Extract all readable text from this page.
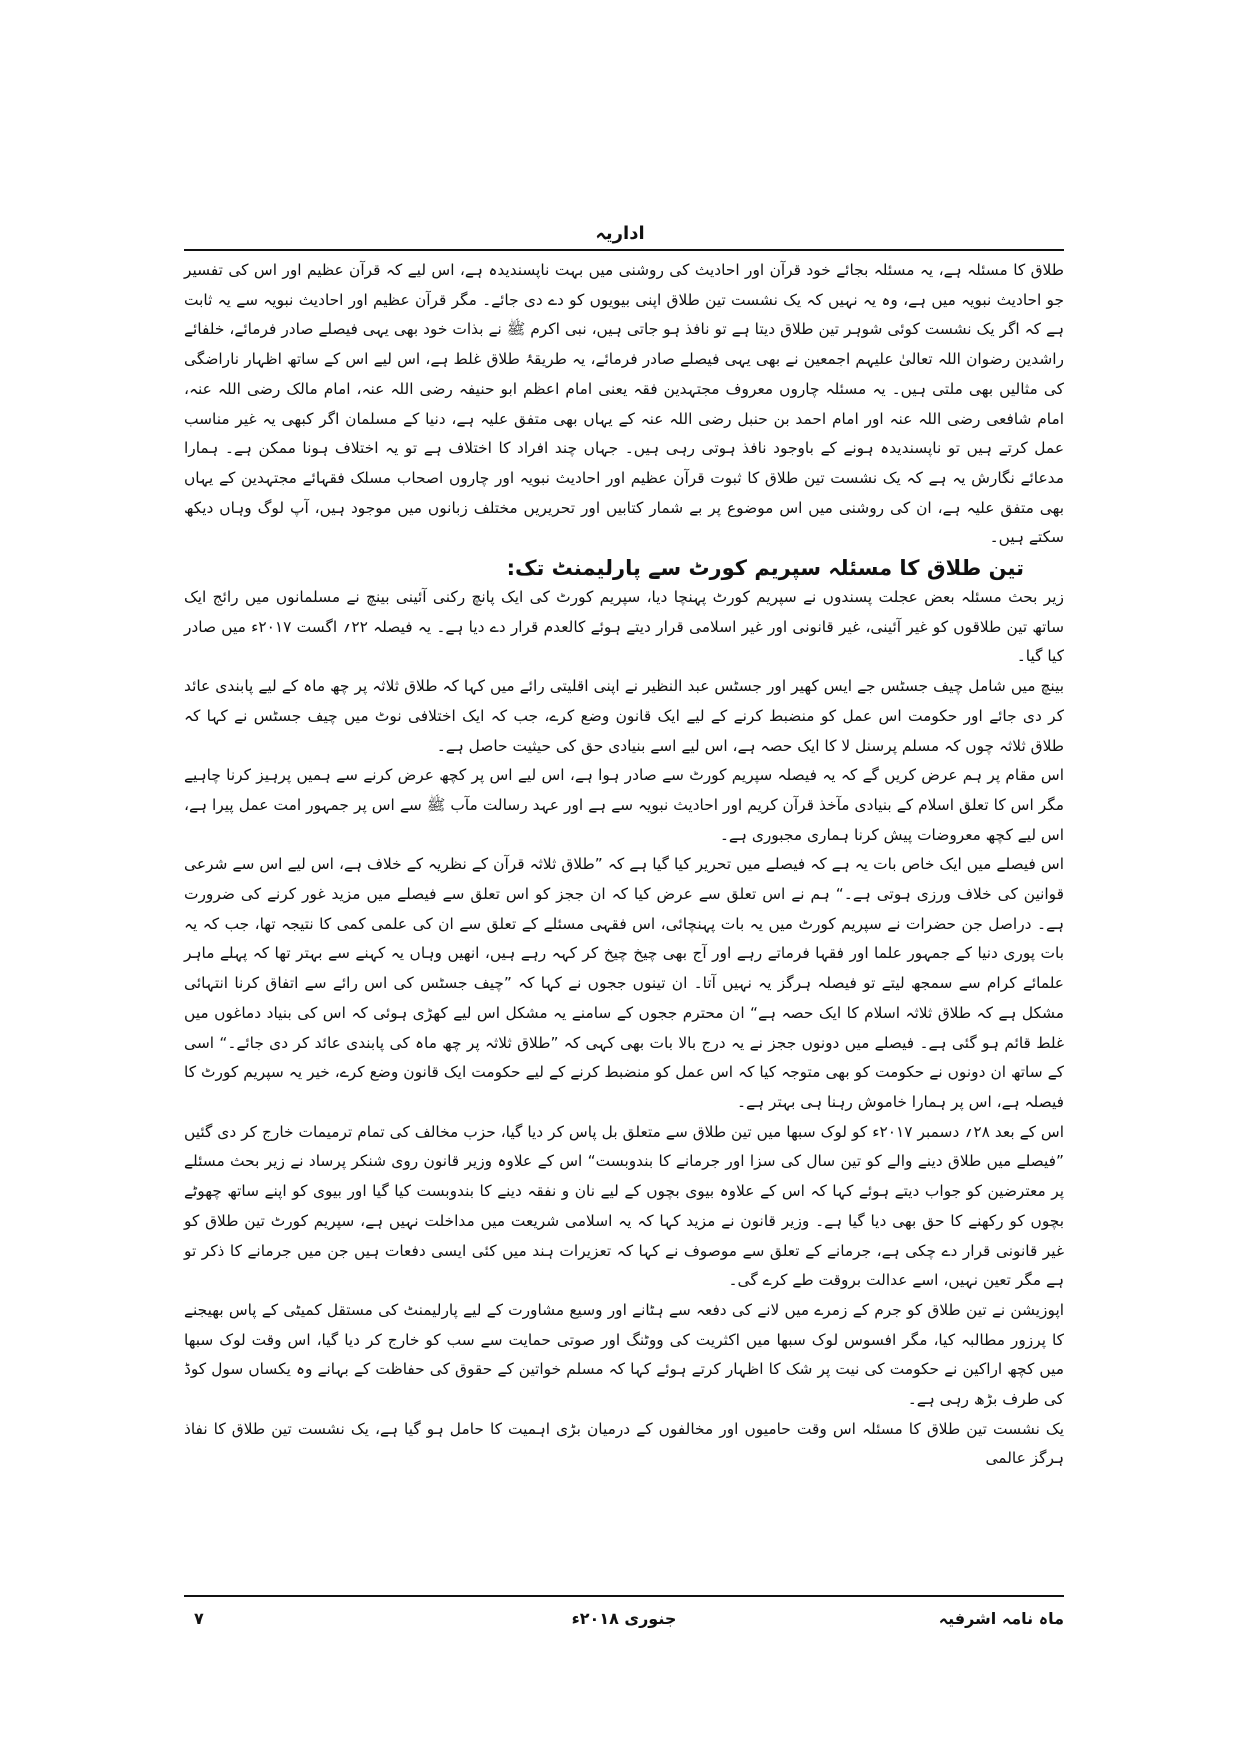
اداریہ

طلاق کا مسئلہ ہے، یہ مسئلہ بجائے خود قرآن اور احادیث کی روشنی میں بہت ناپسندیدہ ہے، اس لیے کہ قرآن عظیم اور اس کی تفسیر جو احادیث نبویہ میں ہے، وہ یہ نہیں کہ یک نشست تین طلاق اپنی بیویوں کو دے دی جائے۔ مگر قرآن عظیم اور احادیث نبویہ سے یہ ثابت ہے کہ اگر یک نشست کوئی شوہر تین طلاق دیتا ہے تو نافذ ہو جاتی ہیں، نبی اکرم ﷺ نے بذات خود بھی یہی فیصلے صادر فرمائے، خلفائے راشدین رضوان اللہ تعالیٰ علیہم اجمعین نے بھی یہی فیصلے صادر فرمائے، یہ طریقۂ طلاق غلط ہے، اس لیے اس کے ساتھ اظہار ناراضگی کی مثالیں بھی ملتی ہیں۔ یہ مسئلہ چاروں معروف مجتہدین فقہ یعنی امام اعظم ابو حنیفہ رضی اللہ عنہ، امام مالک رضی اللہ عنہ، امام شافعی رضی اللہ عنہ اور امام احمد بن حنبل رضی اللہ عنہ کے یہاں بھی متفق علیہ ہے، دنیا کے مسلمان اگر کبھی یہ غیر مناسب عمل کرتے ہیں تو ناپسندیدہ ہونے کے باوجود نافذ ہوتی رہی ہیں۔ جہاں چند افراد کا اختلاف ہے تو یہ اختلاف ہونا ممکن ہے۔ ہمارا مدعائے نگارش یہ ہے کہ یک نشست تین طلاق کا ثبوت قرآن عظیم اور احادیث نبویہ اور چاروں اصحاب مسلک فقہائے مجتہدین کے یہاں بھی متفق علیہ ہے، ان کی روشنی میں اس موضوع پر بے شمار کتابیں اور تحریریں مختلف زبانوں میں موجود ہیں، آپ لوگ وہاں دیکھ سکتے ہیں۔

تین طلاق کا مسئلہ سپریم کورٹ سے پارلیمنٹ تک:

زیر بحث مسئلہ بعض عجلت پسندوں نے سپریم کورٹ پہنچا دیا، سپریم کورٹ کی ایک پانچ رکنی آئینی بینچ نے مسلمانوں میں رائج ایک ساتھ تین طلاقوں کو غیر آئینی، غیر قانونی اور غیر اسلامی قرار دیتے ہوئے کالعدم قرار دے دیا ہے۔ یہ فیصلہ ۲۲؍ اگست ۲۰۱۷ء میں صادر کیا گیا۔

بینچ میں شامل چیف جسٹس جے ایس کھیر اور جسٹس عبد النظیر نے اپنی اقلیتی رائے میں کہا کہ طلاق ثلاثہ پر چھ ماہ کے لیے پابندی عائد کر دی جائے اور حکومت اس عمل کو منضبط کرنے کے لیے ایک قانون وضع کرے، جب کہ ایک اختلافی نوٹ میں چیف جسٹس نے کہا کہ طلاق ثلاثہ چوں کہ مسلم پرسنل لا کا ایک حصہ ہے، اس لیے اسے بنیادی حق کی حیثیت حاصل ہے۔

اس مقام پر ہم عرض کریں گے کہ یہ فیصلہ سپریم کورٹ سے صادر ہوا ہے، اس لیے اس پر کچھ عرض کرنے سے ہمیں پرہیز کرنا چاہیے مگر اس کا تعلق اسلام کے بنیادی مآخذ قرآن کریم اور احادیث نبویہ سے ہے اور عہد رسالت مآب ﷺ سے اس پر جمہور امت عمل پیرا ہے، اس لیے کچھ معروضات پیش کرنا ہماری مجبوری ہے۔

اس فیصلے میں ایک خاص بات یہ ہے کہ فیصلے میں تحریر کیا گیا ہے کہ ”طلاق ثلاثہ قرآن کے نظریہ کے خلاف ہے، اس لیے اس سے شرعی قوانین کی خلاف ورزی ہوتی ہے۔“ ہم نے اس تعلق سے عرض کیا کہ ان ججز کو اس تعلق سے فیصلے میں مزید غور کرنے کی ضرورت ہے۔ دراصل جن حضرات نے سپریم کورٹ میں یہ بات پہنچائی، اس فقہی مسئلے کے تعلق سے ان کی علمی کمی کا نتیجہ تھا، جب کہ یہ بات پوری دنیا کے جمہور علما اور فقہا فرماتے رہے اور آج بھی چیخ چیخ کر کہہ رہے ہیں، انھیں وہاں یہ کہنے سے بہتر تھا کہ پہلے ماہر علمائے کرام سے سمجھ لیتے تو فیصلہ ہرگز یہ نہیں آتا۔ ان تینوں ججوں نے کہا کہ ”چیف جسٹس کی اس رائے سے اتفاق کرنا انتہائی مشکل ہے کہ طلاق ثلاثہ اسلام کا ایک حصہ ہے“ ان محترم ججوں کے سامنے یہ مشکل اس لیے کھڑی ہوئی کہ اس کی بنیاد دماغوں میں غلط قائم ہو گئی ہے۔ فیصلے میں دونوں ججز نے یہ درج بالا بات بھی کہی کہ ”طلاق ثلاثہ پر چھ ماہ کی پابندی عائد کر دی جائے۔“ اسی کے ساتھ ان دونوں نے حکومت کو بھی متوجہ کیا کہ اس عمل کو منضبط کرنے کے لیے حکومت ایک قانون وضع کرے، خیر یہ سپریم کورٹ کا فیصلہ ہے، اس پر ہمارا خاموش رہنا ہی بہتر ہے۔

اس کے بعد ۲۸؍ دسمبر ۲۰۱۷ء کو لوک سبھا میں تین طلاق سے متعلق بل پاس کر دیا گیا، حزب مخالف کی تمام ترمیمات خارج کر دی گئیں ”فیصلے میں طلاق دینے والے کو تین سال کی سزا اور جرمانے کا بندوبست“ اس کے علاوہ وزیر قانون روی شنکر پرساد نے زیر بحث مسئلے پر معترضین کو جواب دیتے ہوئے کہا کہ اس کے علاوہ بیوی بچوں کے لیے نان و نفقہ دینے کا بندوبست کیا گیا اور بیوی کو اپنے ساتھ چھوٹے بچوں کو رکھنے کا حق بھی دیا گیا ہے۔ وزیر قانون نے مزید کہا کہ یہ اسلامی شریعت میں مداخلت نہیں ہے، سپریم کورٹ تین طلاق کو غیر قانونی قرار دے چکی ہے، جرمانے کے تعلق سے موصوف نے کہا کہ تعزیرات ہند میں کئی ایسی دفعات ہیں جن میں جرمانے کا ذکر تو ہے مگر تعین نہیں، اسے عدالت بروقت طے کرے گی۔

اپوزیشن نے تین طلاق کو جرم کے زمرے میں لانے کی دفعہ سے ہٹانے اور وسیع مشاورت کے لیے پارلیمنٹ کی مستقل کمیٹی کے پاس بھیجنے کا پرزور مطالبہ کیا، مگر افسوس لوک سبھا میں اکثریت کی ووٹنگ اور صوتی حمایت سے سب کو خارج کر دیا گیا، اس وقت لوک سبھا میں کچھ اراکین نے حکومت کی نیت پر شک کا اظہار کرتے ہوئے کہا کہ مسلم خواتین کے حقوق کی حفاظت کے بہانے وہ یکساں سول کوڈ کی طرف بڑھ رہی ہے۔

یک نشست تین طلاق کا مسئلہ اس وقت حامیوں اور مخالفوں کے درمیان بڑی اہمیت کا حامل ہو گیا ہے، یک نشست تین طلاق کا نفاذ ہرگز عالمی

ماہ نامہ اشرفیہ
جنوری ۲۰۱۸ء
۷
